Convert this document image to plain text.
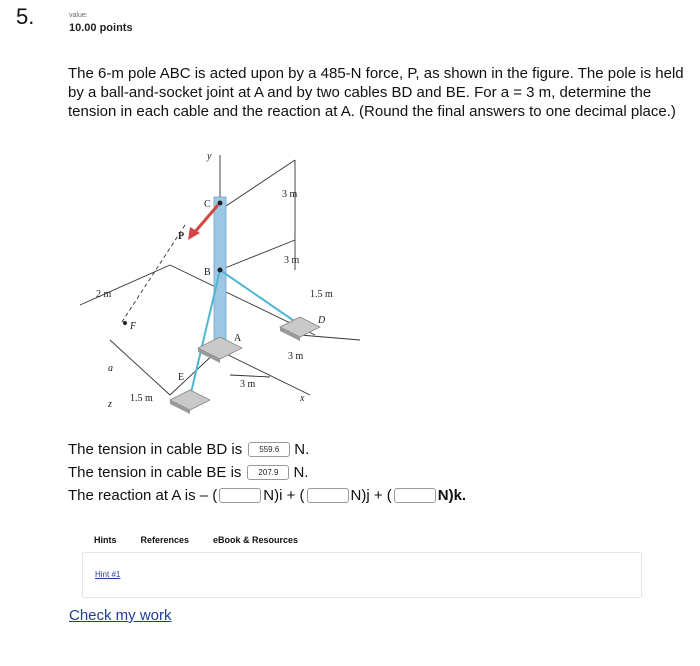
5.	value:
10.00 points
The 6-m pole ABC is acted upon by a 485-N force, P, as shown in the figure. The pole is held by a ball-and-socket joint at A and by two cables BD and BE. For a = 3 m, determine the tension in each cable and the reaction at A. (Round the final answers to one decimal place.)
y
C
P
B
A
D
E
F
a
z
x
3 m
3 m
1.5 m
3 m
3 m
1.5 m
2 m
The tension in cable BD is	559.6 N.
The tension in cable BE is	207.9 N.
The reaction at A is – (	N)i + (	N)j + (	N)k.
Hints	References	eBook & Resources
Hint #1
Check my work
